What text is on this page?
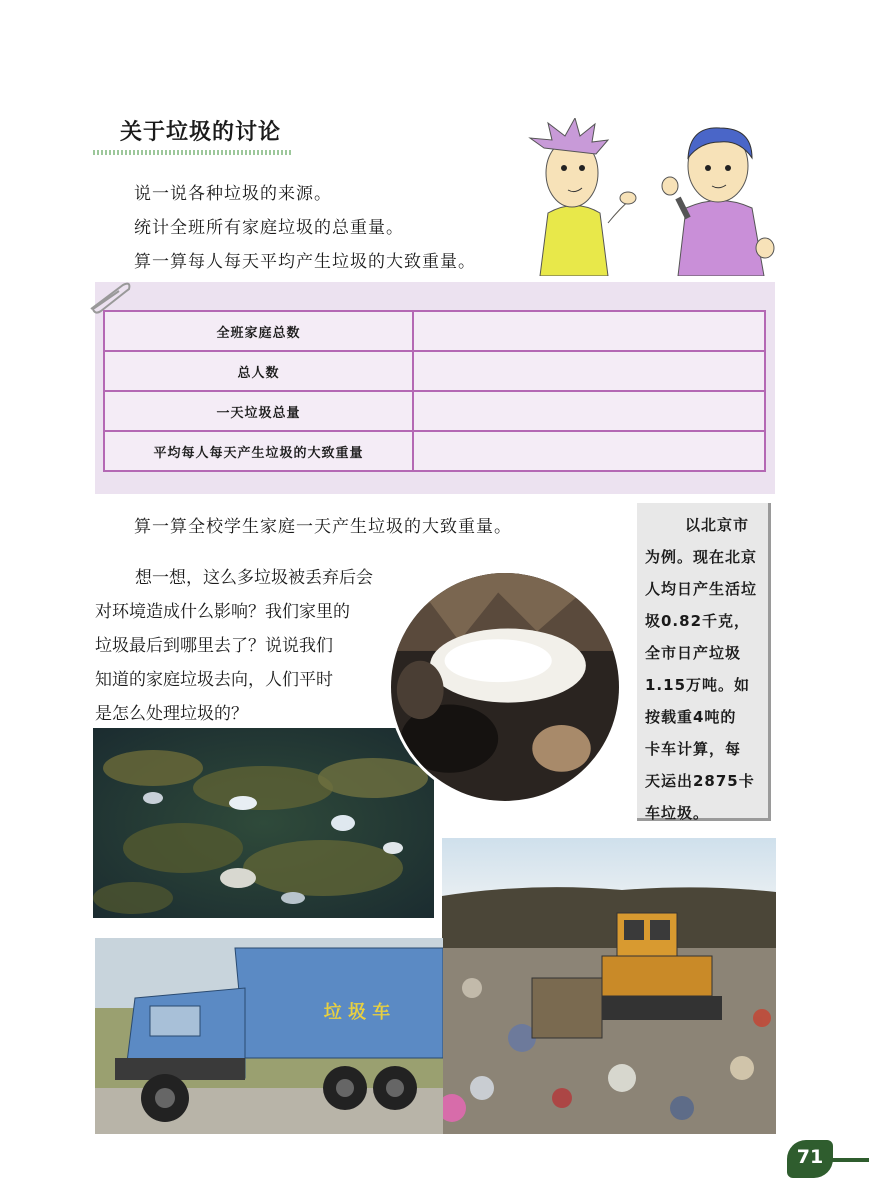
关于垃圾的讨论
说一说各种垃圾的来源。
统计全班所有家庭垃圾的总重量。
算一算每人每天平均产生垃圾的大致重量。
全班家庭总数	
总人数	
一天垃圾总量	
平均每人每天产生垃圾的大致重量	
算一算全校学生家庭一天产生垃圾的大致重量。
想一想，这么多垃圾被丢弃后会
对环境造成什么影响？我们家里的
垃圾最后到哪里去了？说说我们
知道的家庭垃圾去向，人们平时
是怎么处理垃圾的？
以北京市
为例。现在北京
人均日产生活垃
圾0.82千克，
全市日产垃圾
1.15万吨。如
按载重4吨的
卡车计算，每
天运出2875卡
车垃圾。
垃 圾 车
71
